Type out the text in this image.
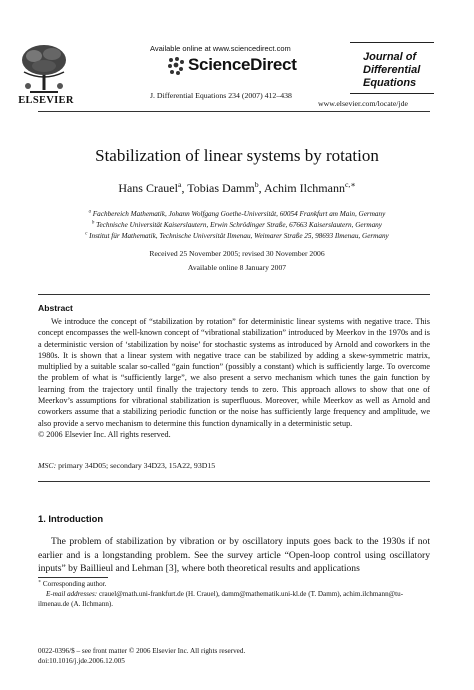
ELSEVIER
Available online at www.sciencedirect.com
ScienceDirect
J. Differential Equations 234 (2007) 412–438
Journal of
Differential
Equations
www.elsevier.com/locate/jde
Stabilization of linear systems by rotation
Hans Crauel$^a$, Tobias Damm$^b$, Achim Ilchmann$^{c,∗}$
$^a$ Fachbereich Mathematik, Johann Wolfgang Goethe-Universität, 60054 Frankfurt am Main, Germany
$^b$ Technische Universität Kaiserslautern, Erwin Schrödinger Straße, 67663 Kaiserslautern, Germany
$^c$ Institut für Mathematik, Technische Universität Ilmenau, Weimarer Straße 25, 98693 Ilmenau, Germany
Received 25 November 2005; revised 30 November 2006
Available online 8 January 2007
Abstract
We introduce the concept of “stabilization by rotation” for deterministic linear systems with negative trace. This concept encompasses the well-known concept of “vibrational stabilization” introduced by Meerkov in the 1970s and is a deterministic version of ‘stabilization by noise’ for stochastic systems as introduced by Arnold and coworkers in the 1980s. It is shown that a linear system with negative trace can be stabilized by adding a skew-symmetric matrix, multiplied by a suitable scalar so-called “gain function” (possibly a constant) which is sufficiently large. To overcome the problem of what is “sufficiently large”, we also present a servo mechanism which tunes the gain function by learning from the trajectory until finally the trajectory tends to zero. This approach allows to show that one of Meerkov’s assumptions for vibrational stabilization is superfluous. Moreover, while Meerkov as well as Arnold and coworkers assume that a stabilizing periodic function or the noise has sufficiently large frequency and amplitude, we also provide a servo mechanism to determine this function dynamically in a deterministic setup.
© 2006 Elsevier Inc. All rights reserved.
MSC: primary 34D05; secondary 34D23, 15A22, 93D15
1. Introduction
The problem of stabilization by vibration or by oscillatory inputs goes back to the 1930s if not earlier and is a longstanding problem. See the survey article “Open-loop control using oscillatory inputs” by Baillieul and Lehman [3], where both theoretical results and applications
∗ Corresponding author.
E-mail addresses: crauel@math.uni-frankfurt.de (H. Crauel), damm@mathematik.uni-kl.de (T. Damm), achim.ilchmann@tu-ilmenau.de (A. Ilchmann).
0022-0396/$ – see front matter © 2006 Elsevier Inc. All rights reserved.
doi:10.1016/j.jde.2006.12.005
